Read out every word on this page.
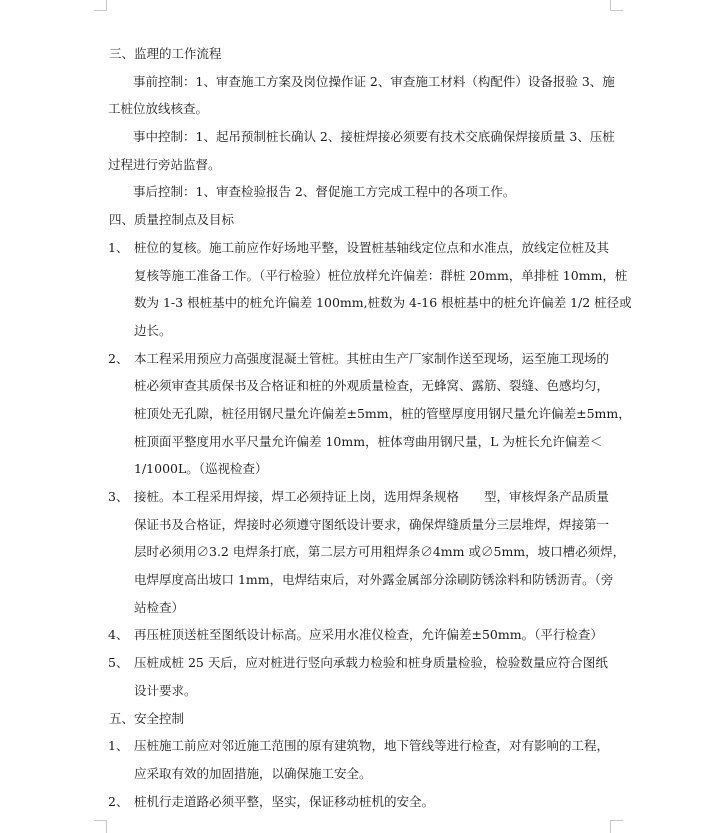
三、监理的工作流程
事前控制：1、审查施工方案及岗位操作证 2、审查施工材料（构配件）设备报验 3、施
工桩位放线核查。
事中控制：1、起吊预制桩长确认 2、接桩焊接必须要有技术交底确保焊接质量 3、压桩
过程进行旁站监督。
事后控制：1、审查检验报告 2、督促施工方完成工程中的各项工作。
四、质量控制点及目标
1、 桩位的复核。施工前应作好场地平整，设置桩基轴线定位点和水准点，放线定位桩及其
复核等施工准备工作。（平行检验）桩位放样允许偏差：群桩 20mm，单排桩 10mm，桩
数为 1-3 根桩基中的桩允许偏差 100mm,桩数为 4-16 根桩基中的桩允许偏差 1/2 桩径或
边长。
2、 本工程采用预应力高强度混凝土管桩。其桩由生产厂家制作送至现场，运至施工现场的
桩必须审查其质保书及合格证和桩的外观质量检查，无蜂窝、露筋、裂缝、色感均匀，
桩顶处无孔隙，桩径用钢尺量允许偏差±5mm，桩的管壁厚度用钢尺量允许偏差±5mm，
桩顶面平整度用水平尺量允许偏差 10mm，桩体弯曲用钢尺量，L 为桩长允许偏差＜
1/1000L。（巡视检查）
3、 接桩。本工程采用焊接，焊工必须持证上岗，选用焊条规格　　型，审核焊条产品质量
保证书及合格证，焊接时必须遵守图纸设计要求，确保焊缝质量分三层堆焊，焊接第一
层时必须用∅3.2 电焊条打底，第二层方可用粗焊条∅4mm 或∅5mm，坡口槽必须焊，
电焊厚度高出坡口 1mm，电焊结束后，对外露金属部分涂刷防锈涂料和防锈沥青。（旁
站检查）
4、 再压桩顶送桩至图纸设计标高。应采用水准仪检查，允许偏差±50mm。（平行检查）
5、 压桩成桩 25 天后，应对桩进行竖向承载力检验和桩身质量检验，检验数量应符合图纸
设计要求。
五、安全控制
1、 压桩施工前应对邻近施工范围的原有建筑物，地下管线等进行检查，对有影响的工程，
应采取有效的加固措施，以确保施工安全。
2、 桩机行走道路必须平整，坚实，保证移动桩机的安全。
